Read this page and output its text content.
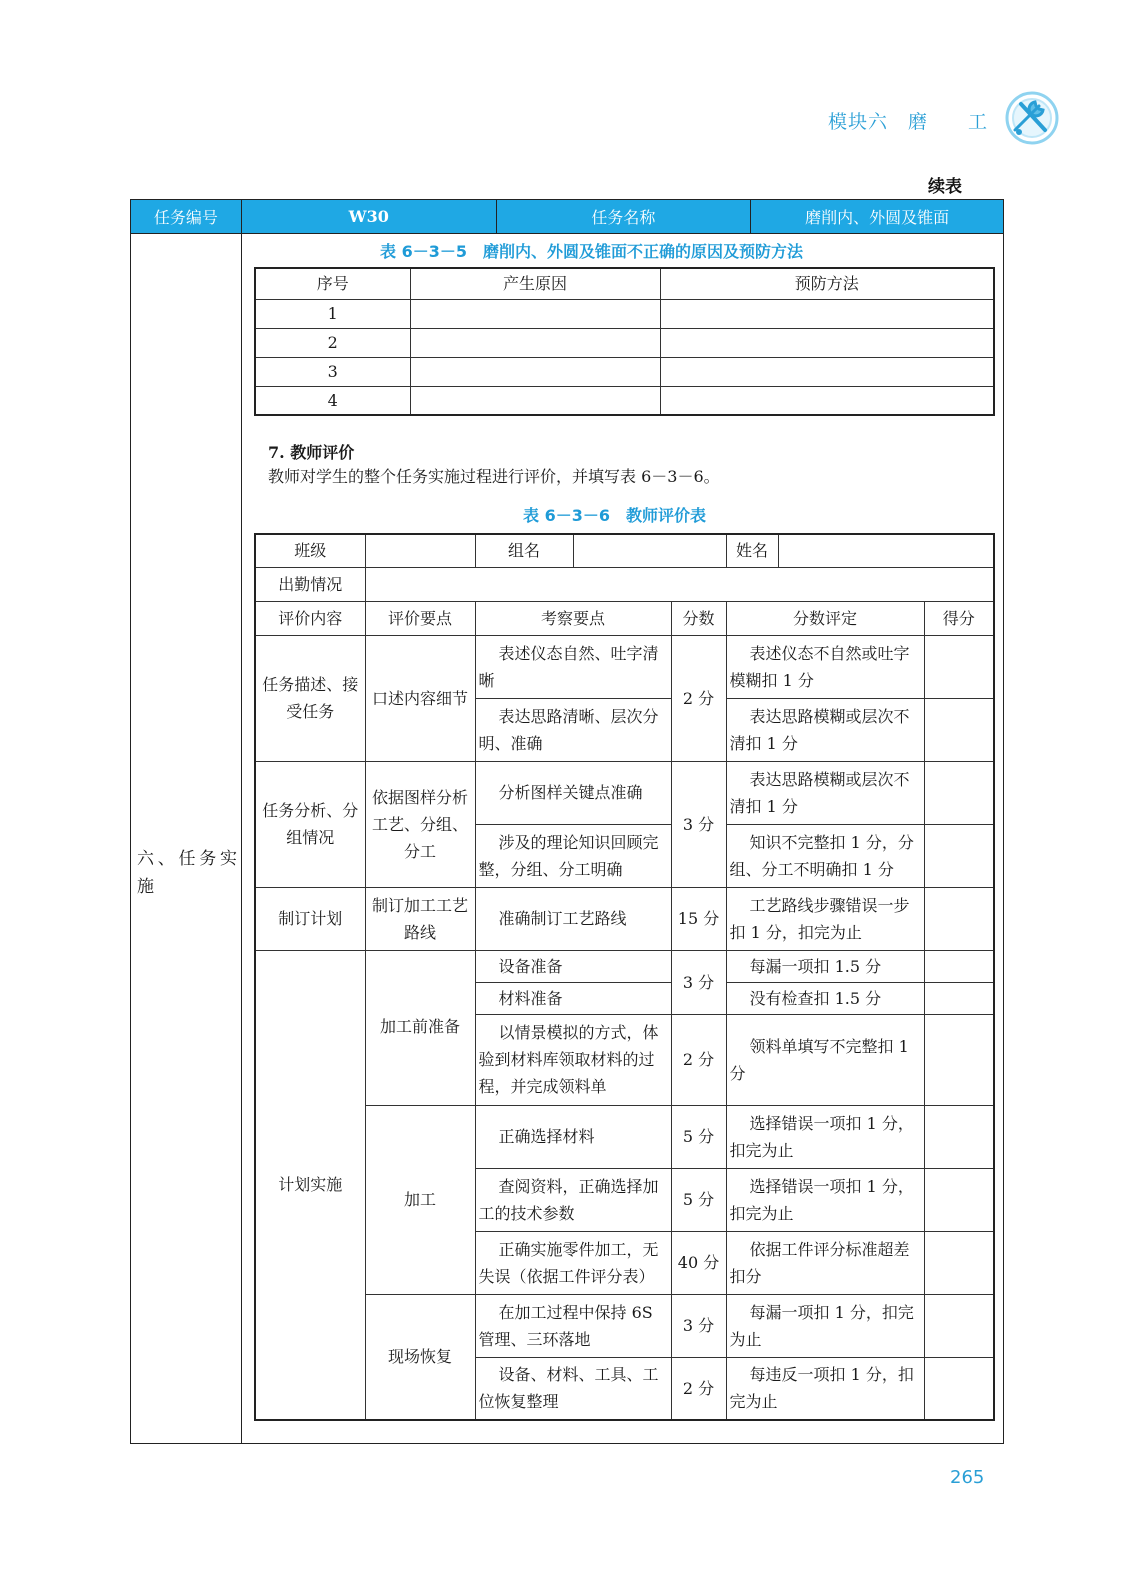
模块六　磨　　工
续表
任务编号	W30	任务名称	磨削内、外圆及锥面
六、任务实施
表 6－3－5　磨削内、外圆及锥面不正确的原因及预防方法
序号	产生原因	预防方法
1		
2		
3		
4		
7. 教师评价
教师对学生的整个任务实施过程进行评价，并填写表 6－3－6。
表 6－3－6　教师评价表
班级		组名			姓名		
出勤情况							
评价内容	评价要点	考察要点		分数	分数评定		得分
任务描述、接受任务	口述内容细节	表述仪态自然、吐字清晰		2 分	表述仪态不自然或吐字模糊扣 1 分		
		表达思路清晰、层次分明、准确			表达思路模糊或层次不清扣 1 分		
任务分析、分组情况	依据图样分析工艺、分组、分工	分析图样关键点准确		3 分	表达思路模糊或层次不清扣 1 分		
		涉及的理论知识回顾完整，分组、分工明确			知识不完整扣 1 分，分组、分工不明确扣 1 分		
制订计划	制订加工工艺路线	准确制订工艺路线		15 分	工艺路线步骤错误一步扣 1 分，扣完为止		
计划实施	加工前准备	设备准备		3 分	每漏一项扣 1.5 分		
		材料准备			没有检查扣 1.5 分		
		以情景模拟的方式，体验到材料库领取材料的过程，并完成领料单		2 分	领料单填写不完整扣 1 分		
	加工	正确选择材料		5 分	选择错误一项扣 1 分，扣完为止		
		查阅资料，正确选择加工的技术参数		5 分	选择错误一项扣 1 分，扣完为止		
		正确实施零件加工，无失误（依据工件评分表）		40 分	依据工件评分标准超差扣分		
	现场恢复	在加工过程中保持 6S 管理、三环落地		3 分	每漏一项扣 1 分，扣完为止		
		设备、材料、工具、工位恢复整理		2 分	每违反一项扣 1 分，扣完为止		
265
